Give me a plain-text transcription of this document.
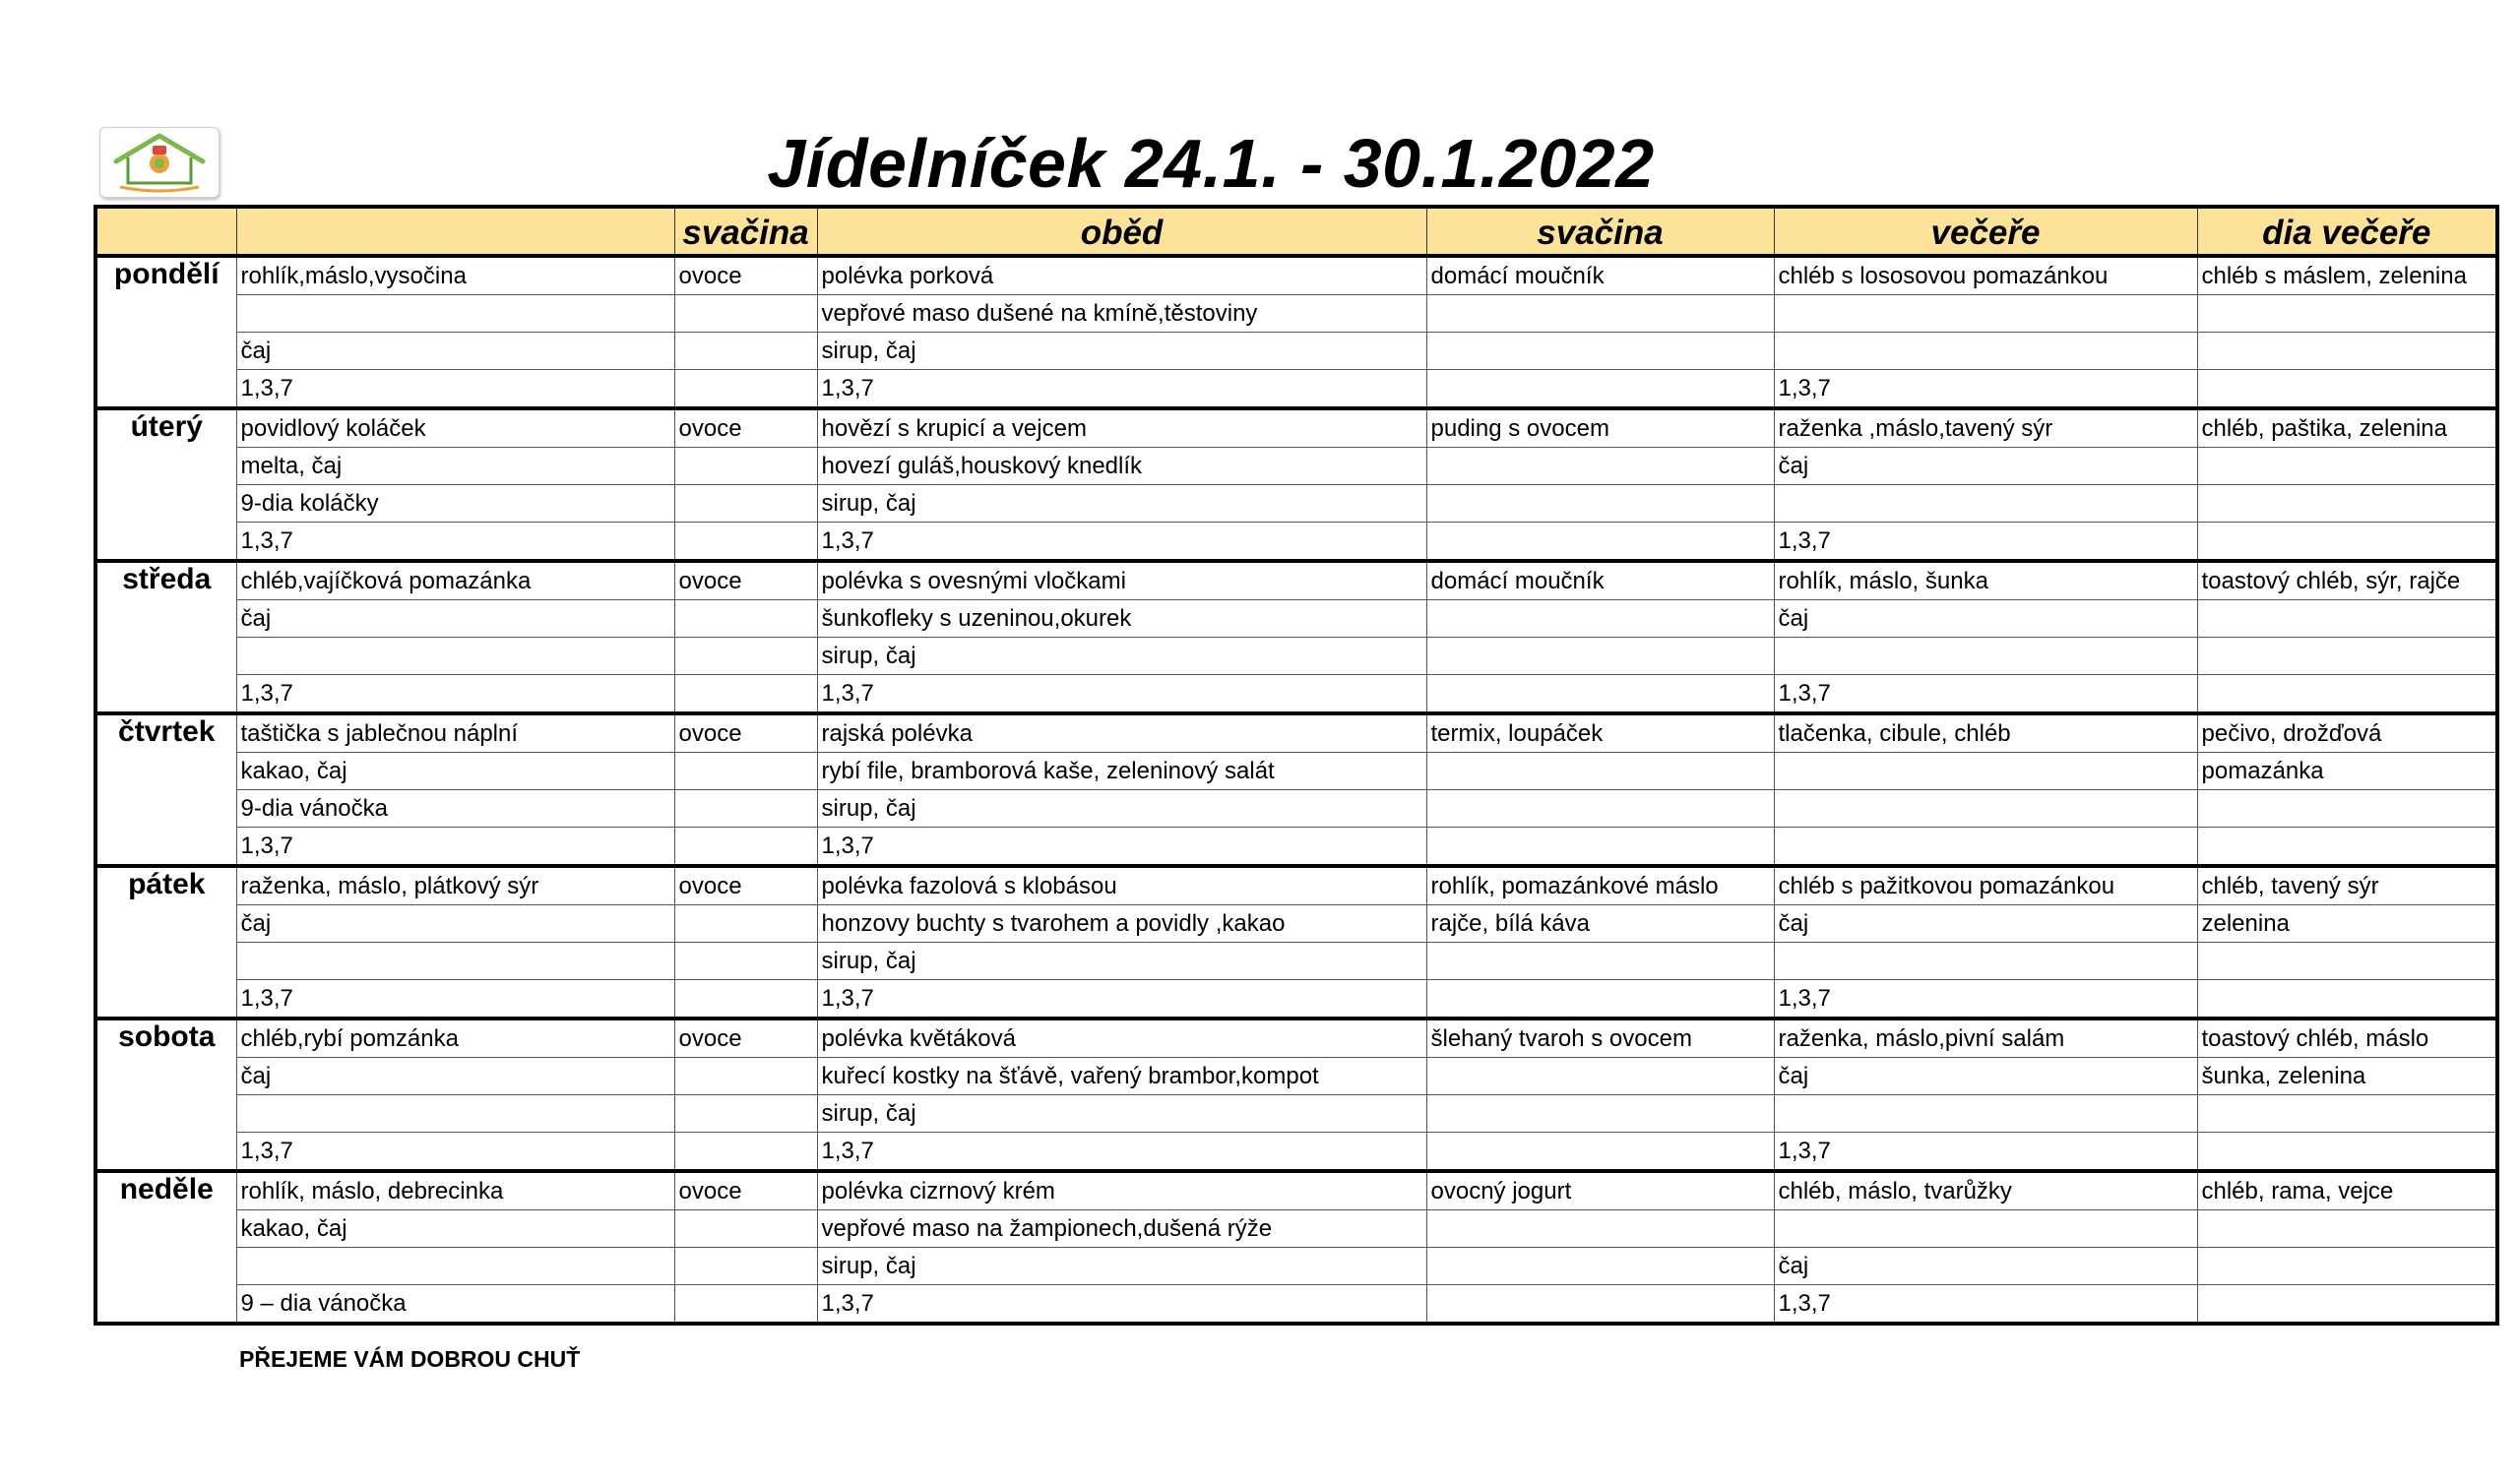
Jídelníček 24.1. - 30.1.2022
		svačina	oběd	svačina	večeře	dia večeře
pondělí	rohlík,máslo,vysočina	ovoce	polévka porková	domácí moučník	chléb s lososovou pomazánkou	chléb s máslem, zelenina
			vepřové maso dušené na kmíně,těstoviny			
	čaj		sirup, čaj			
	1,3,7		1,3,7		1,3,7	
úterý	povidlový koláček	ovoce	hovězí s krupicí a vejcem	puding s ovocem	raženka ,máslo,tavený sýr	chléb, paštika, zelenina
	melta, čaj		hovezí guláš,houskový knedlík		čaj	
	9-dia koláčky		sirup, čaj			
	1,3,7		1,3,7		1,3,7	
středa	chléb,vajíčková pomazánka	ovoce	polévka s ovesnými vločkami	domácí moučník	rohlík, máslo, šunka	toastový chléb, sýr, rajče
	čaj		šunkofleky s uzeninou,okurek		čaj	
			sirup, čaj			
	1,3,7		1,3,7		1,3,7	
čtvrtek	taštička s jablečnou náplní	ovoce	rajská polévka	termix, loupáček	tlačenka, cibule, chléb	pečivo, drožďová
	kakao, čaj		rybí file, bramborová kaše, zeleninový salát			pomazánka
	9-dia vánočka		sirup, čaj			
	1,3,7		1,3,7			
pátek	raženka, máslo, plátkový sýr	ovoce	polévka fazolová s klobásou	rohlík, pomazánkové máslo	chléb s pažitkovou pomazánkou	chléb, tavený sýr
	čaj		honzovy buchty s tvarohem a povidly ,kakao	rajče, bílá káva	čaj	zelenina
			sirup, čaj			
	1,3,7		1,3,7		1,3,7	
sobota	chléb,rybí pomzánka	ovoce	polévka květáková	šlehaný tvaroh s ovocem	raženka, máslo,pivní salám	toastový chléb, máslo
	čaj		kuřecí kostky na šťávě, vařený brambor,kompot		čaj	šunka, zelenina
			sirup, čaj			
	1,3,7		1,3,7		1,3,7	
neděle	rohlík, máslo, debrecinka	ovoce	polévka cizrnový krém	ovocný jogurt	chléb, máslo, tvarůžky	chléb, rama, vejce
	kakao, čaj		vepřové maso na žampionech,dušená rýže			
			sirup, čaj		čaj	
	9 – dia vánočka		1,3,7		1,3,7	
PŘEJEME VÁM DOBROU CHUŤ
